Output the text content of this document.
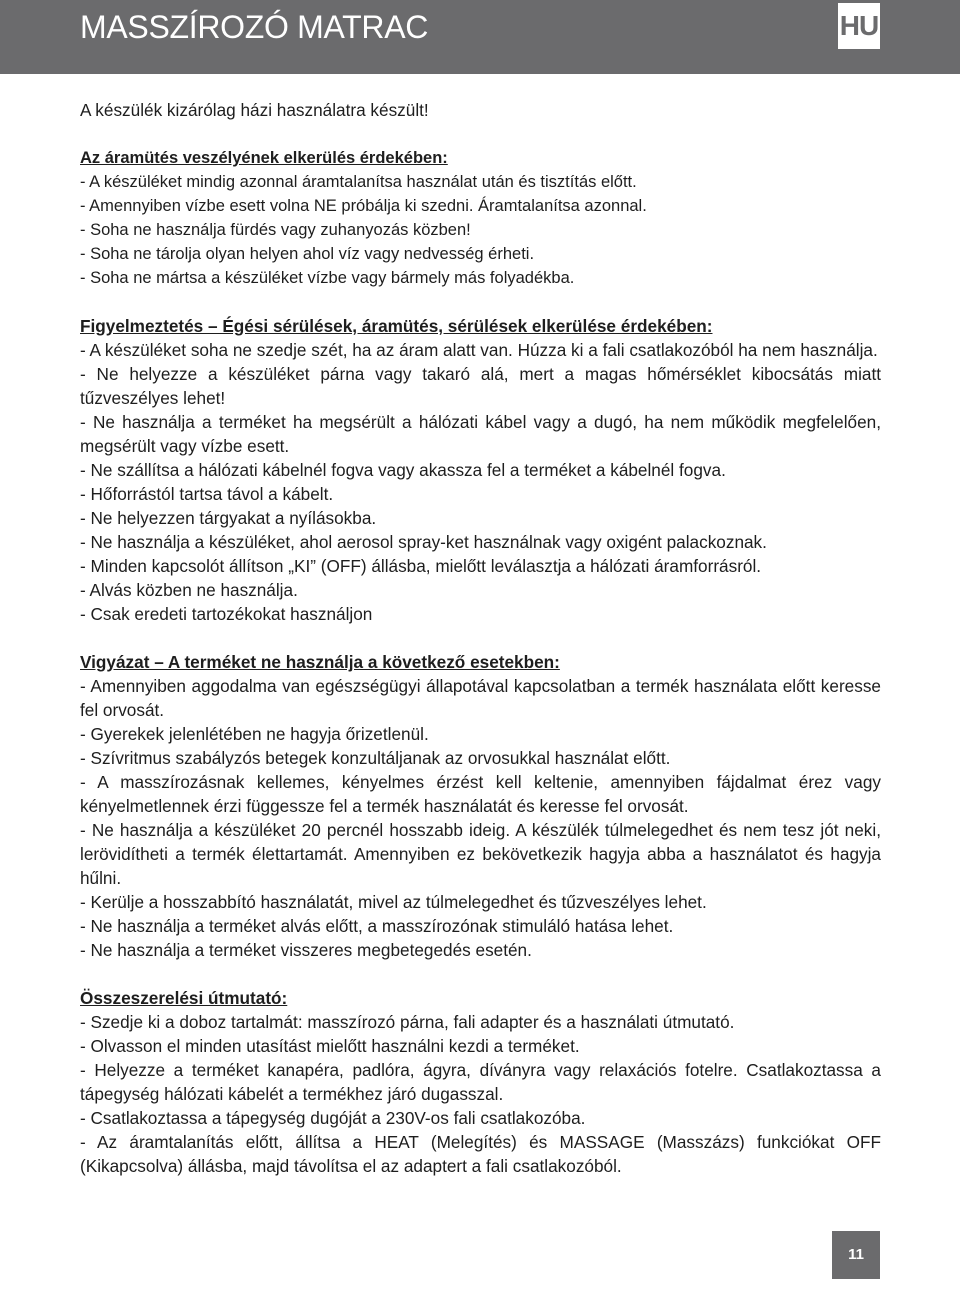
MASSZÍROZÓ MATRAC	HU

A készülék kizárólag házi használatra készült!

Az áramütés veszélyének elkerülés érdekében:

- A készüléket mindig azonnal áramtalanítsa használat után és tisztítás előtt.
- Amennyiben vízbe esett volna NE próbálja ki szedni. Áramtalanítsa azonnal.
- Soha ne használja fürdés vagy zuhanyozás közben!
- Soha ne tárolja olyan helyen ahol víz vagy nedvesség érheti.
- Soha ne mártsa a készüléket vízbe vagy bármely más folyadékba.

Figyelmeztetés – Égési sérülések, áramütés, sérülések elkerülése érdekében:

- A készüléket soha ne szedje szét, ha az áram alatt van. Húzza ki a fali csatlakozóból ha nem használja.
- Ne helyezze a készüléket párna vagy takaró alá, mert a magas hőmérséklet kibocsátás miatt tűzveszélyes lehet!
- Ne használja a terméket ha megsérült a hálózati kábel vagy a dugó, ha nem működik megfelelően, megsérült vagy vízbe esett.
- Ne szállítsa a hálózati kábelnél fogva vagy akassza fel a terméket a kábelnél fogva.
- Hőforrástól tartsa távol a kábelt.
- Ne helyezzen tárgyakat a nyílásokba.
- Ne használja a készüléket, ahol aerosol spray-ket használnak vagy oxigént palackoznak.
- Minden kapcsolót állítson „KI” (OFF) állásba, mielőtt leválasztja a hálózati áramforrásról.
- Alvás közben ne használja.
- Csak eredeti tartozékokat használjon

Vigyázat – A terméket ne használja a következő esetekben:

- Amennyiben aggodalma van egészségügyi állapotával kapcsolatban a termék használata előtt keresse fel orvosát.
- Gyerekek jelenlétében ne hagyja őrizetlenül.
- Szívritmus szabályzós betegek konzultáljanak az orvosukkal használat előtt.
- A masszírozásnak kellemes, kényelmes érzést kell keltenie, amennyiben fájdalmat érez vagy kényelmetlennek érzi függessze fel a termék használatát és keresse fel orvosát.
- Ne használja a készüléket 20 percnél hosszabb ideig. A készülék túlmelegedhet és nem tesz jót neki, lerövidítheti a termék élettartamát. Amennyiben ez bekövetkezik hagyja abba a használatot és hagyja hűlni.
- Kerülje a hosszabbító használatát, mivel az túlmelegedhet és tűzveszélyes lehet.
- Ne használja a terméket alvás előtt, a masszírozónak stimuláló hatása lehet.
- Ne használja a terméket visszeres megbetegedés esetén.

Összeszerelési útmutató:

- Szedje ki a doboz tartalmát: masszírozó párna, fali adapter és a használati útmutató.
- Olvasson el minden utasítást mielőtt használni kezdi a terméket.
- Helyezze a terméket kanapéra, padlóra, ágyra, díványra vagy relaxációs fotelre. Csatlakoztassa a tápegység hálózati kábelét a termékhez járó dugasszal.
- Csatlakoztassa a tápegység dugóját a 230V-os fali csatlakozóba.
- Az áramtalanítás előtt, állítsa a HEAT (Melegítés) és MASSAGE (Masszázs) funkciókat OFF (Kikapcsolva) állásba, majd távolítsa el az adaptert a fali csatlakozóból.
11
